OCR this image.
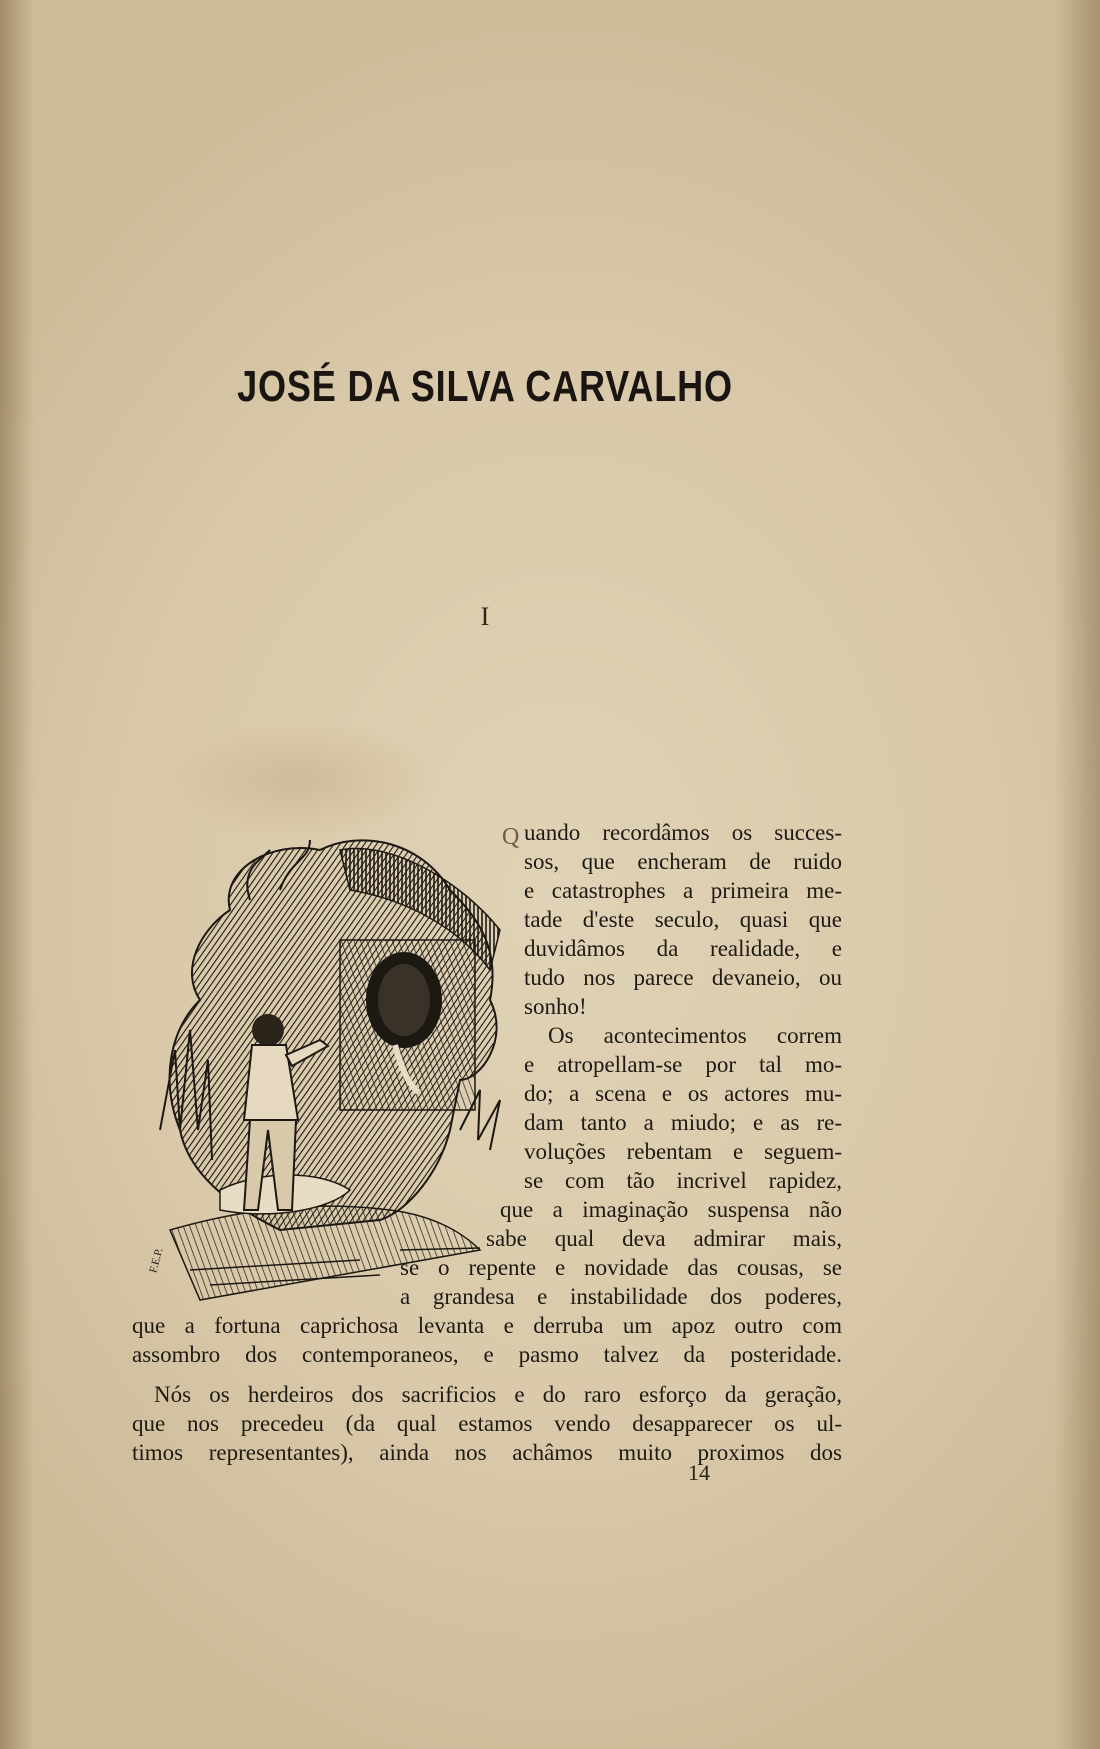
JOSÉ DA SILVA CARVALHO
I
F.E.P.
Q uando recordâmos os succes-
sos, que encheram de ruido
e catastrophes a primeira me-
tade d'este seculo, quasi que
duvidâmos da realidade, e
tudo nos parece devaneio, ou
sonho!
Os acontecimentos correm
e atropellam-se por tal mo-
do; a scena e os actores mu-
dam tanto a miudo; e as re-
voluções rebentam e seguem-
se com tão incrivel rapidez,
que a imaginação suspensa não
sabe qual deva admirar mais,
se o repente e novidade das cousas, se
a grandesa e instabilidade dos poderes,
que a fortuna caprichosa levanta e derruba um apoz outro com
assombro dos contemporaneos, e pasmo talvez da posteridade.
Nós os herdeiros dos sacrificios e do raro esforço da geração,
que nos precedeu (da qual estamos vendo desapparecer os ul-
timos representantes), ainda nos achâmos muito proximos dos
14
